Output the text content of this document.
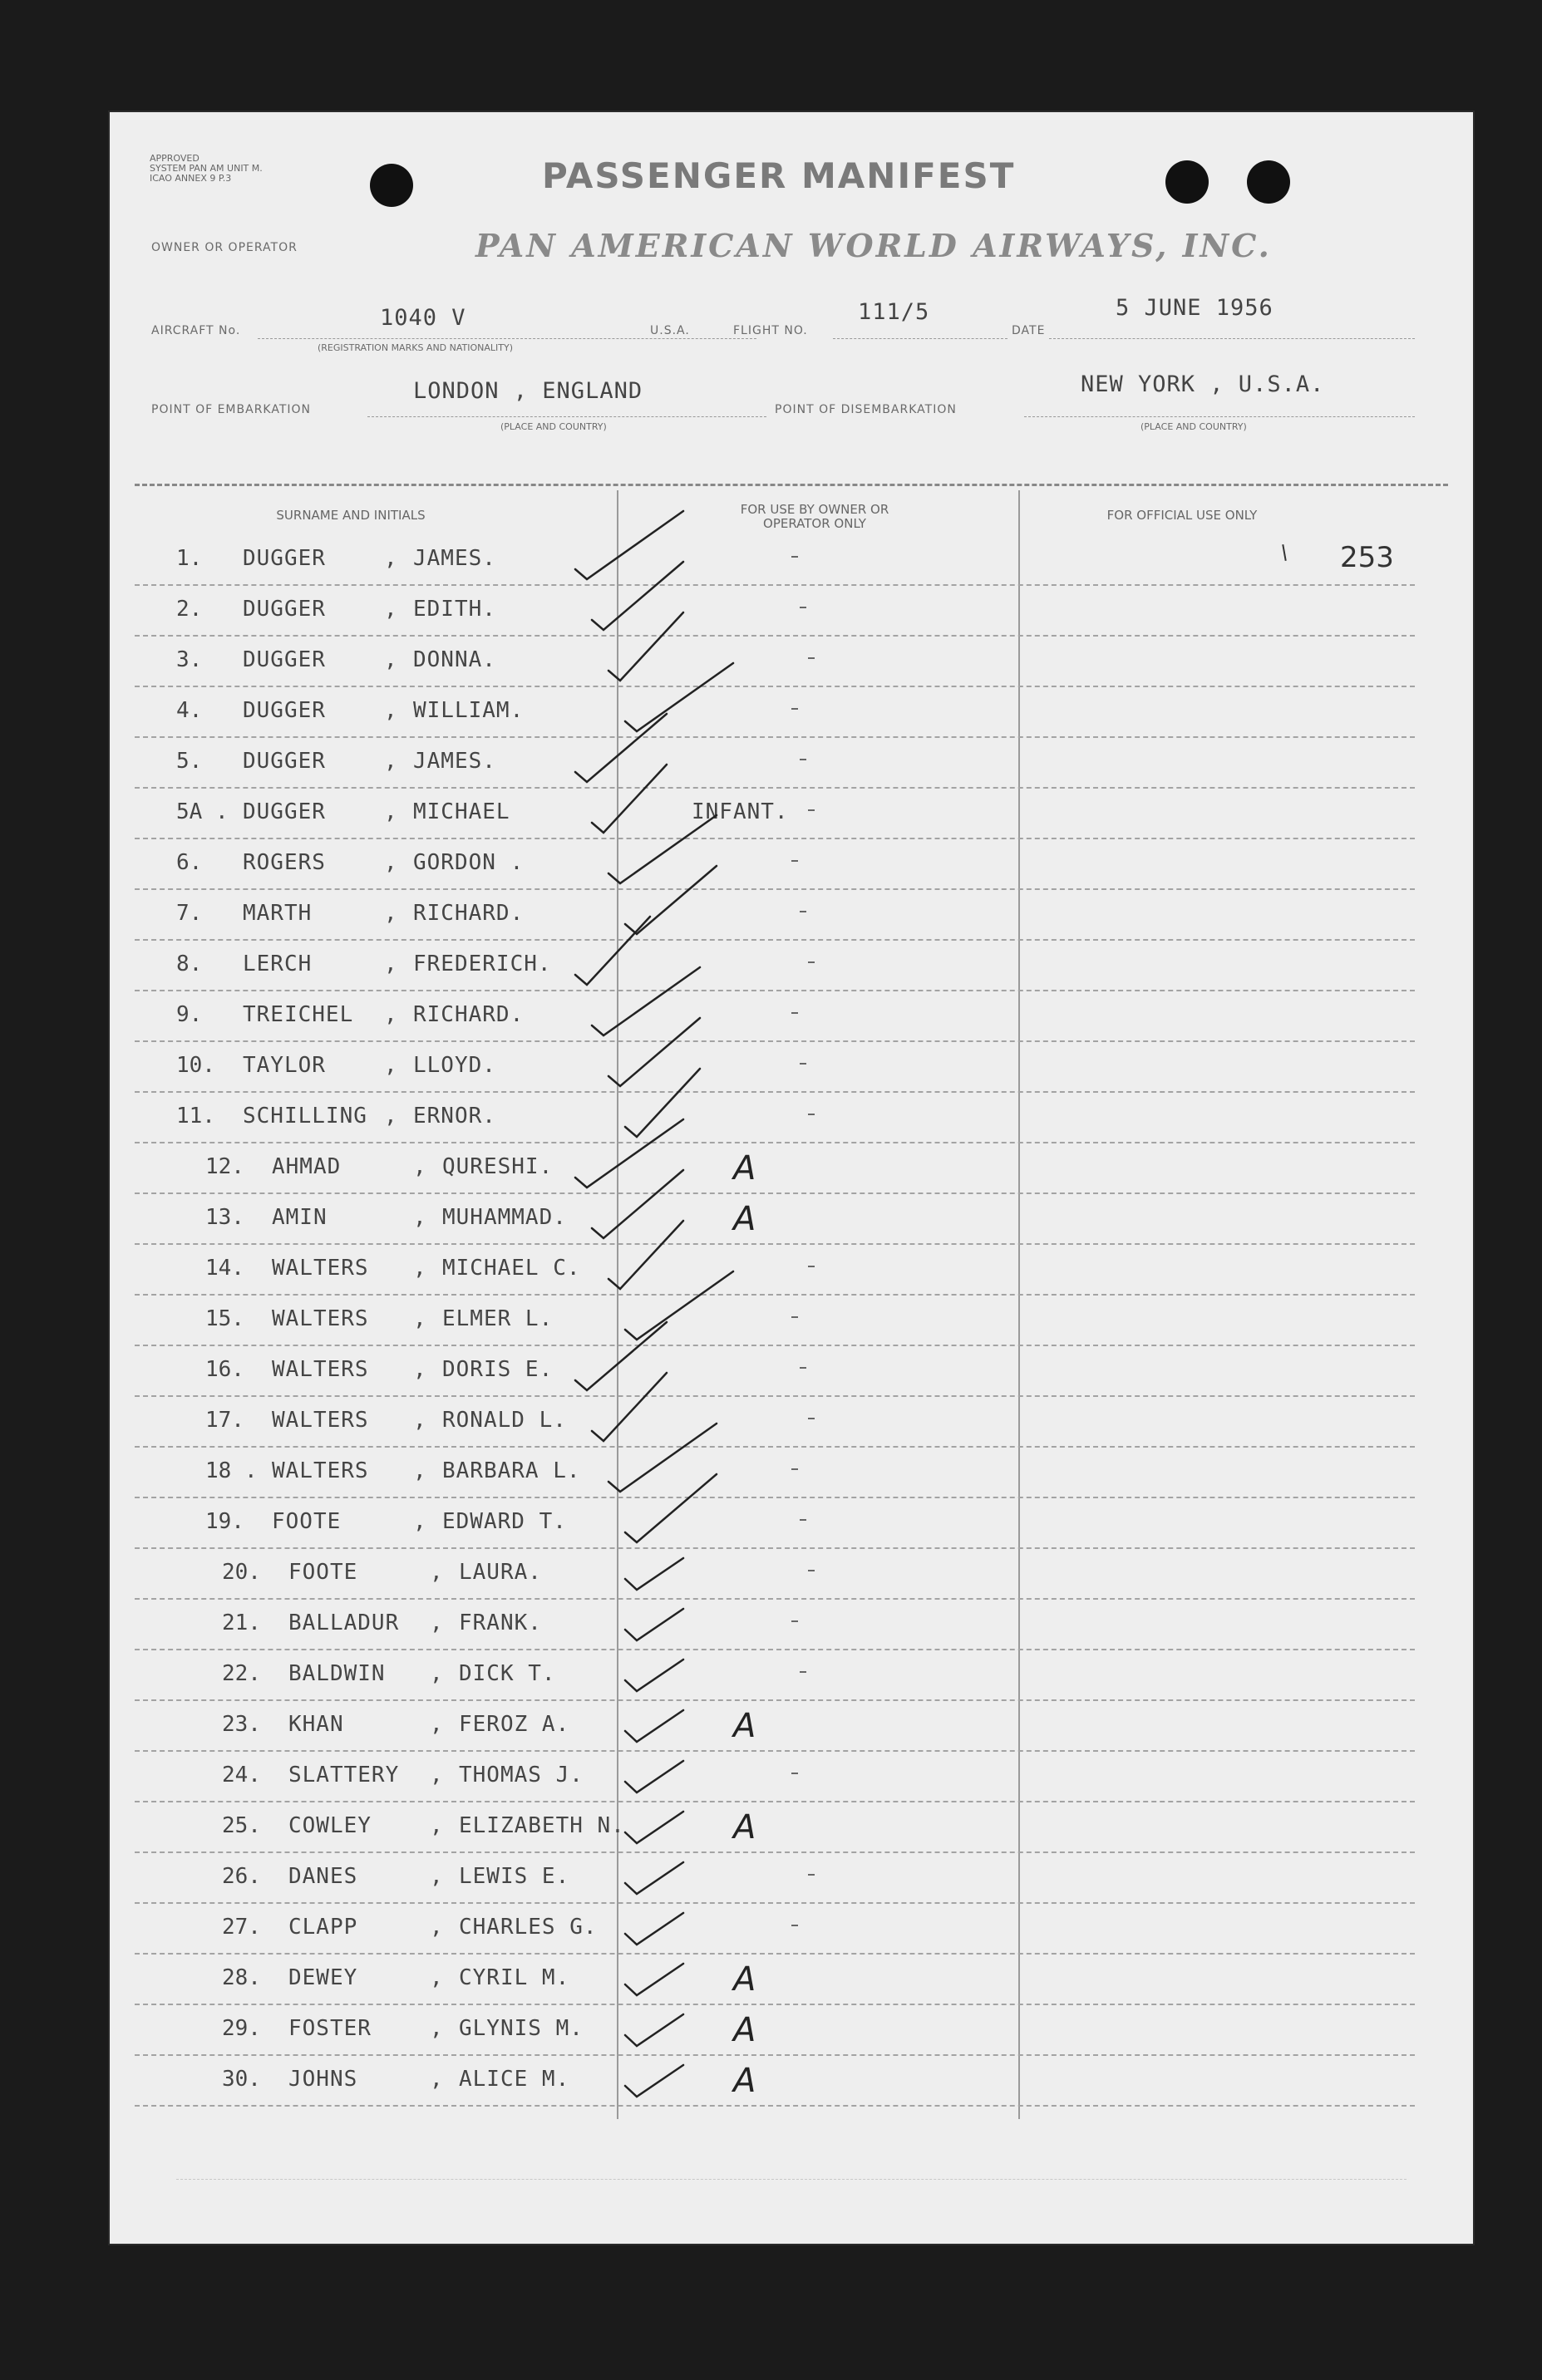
APPROVED
SYSTEM PAN AM UNIT M.
ICAO ANNEX 9 P.3	PASSENGER MANIFEST
OWNER OR OPERATOR	PAN AMERICAN WORLD AIRWAYS, INC.
AIRCRAFT No.	1040 V
(REGISTRATION MARKS AND NATIONALITY)
U.S.A.	FLIGHT NO.
111/5
DATE
5 JUNE 1956
POINT OF EMBARKATION
LONDON , ENGLAND
(PLACE AND COUNTRY)
POINT OF DISEMBARKATION
NEW YORK , U.S.A.
(PLACE AND COUNTRY)
SURNAME AND INITIALS	FOR USE BY OWNER OR OPERATOR ONLY
FOR OFFICIAL USE ONLY
1. DUGGER	, JAMES.	253
2. DUGGER	, EDITH.
3. DUGGER	, DONNA.
4. DUGGER	, WILLIAM.
5. DUGGER	, JAMES.
5A . DUGGER	, MICHAEL	INFANT.
6. ROGERS	, GORDON .
7. MARTH	, RICHARD.
8. LERCH	, FREDERICH.
9. TREICHEL , RICHARD.
10. TAYLOR	, LLOYD.
11. SCHILLING , ERNOR.
12. AHMAD	, QURESHI.	A
13. AMIN	, MUHAMMAD.	A
14. WALTERS , MICHAEL C.
15. WALTERS , ELMER L.
16. WALTERS , DORIS E.
17. WALTERS , RONALD L.
18 . WALTERS , BARBARA L.
19. FOOTE	, EDWARD T.
20. FOOTE	, LAURA.
21. BALLADUR , FRANK.
22. BALDWIN , DICK T.
23. KHAN	, FEROZ A.	A
24. SLATTERY , THOMAS J.
25. COWLEY	, ELIZABETH N.	A
26. DANES	, LEWIS E.
27. CLAPP	, CHARLES G.
28. DEWEY	, CYRIL M.	A
29. FOSTER	, GLYNIS M.	A
30. JOHNS	, ALICE M.	A
